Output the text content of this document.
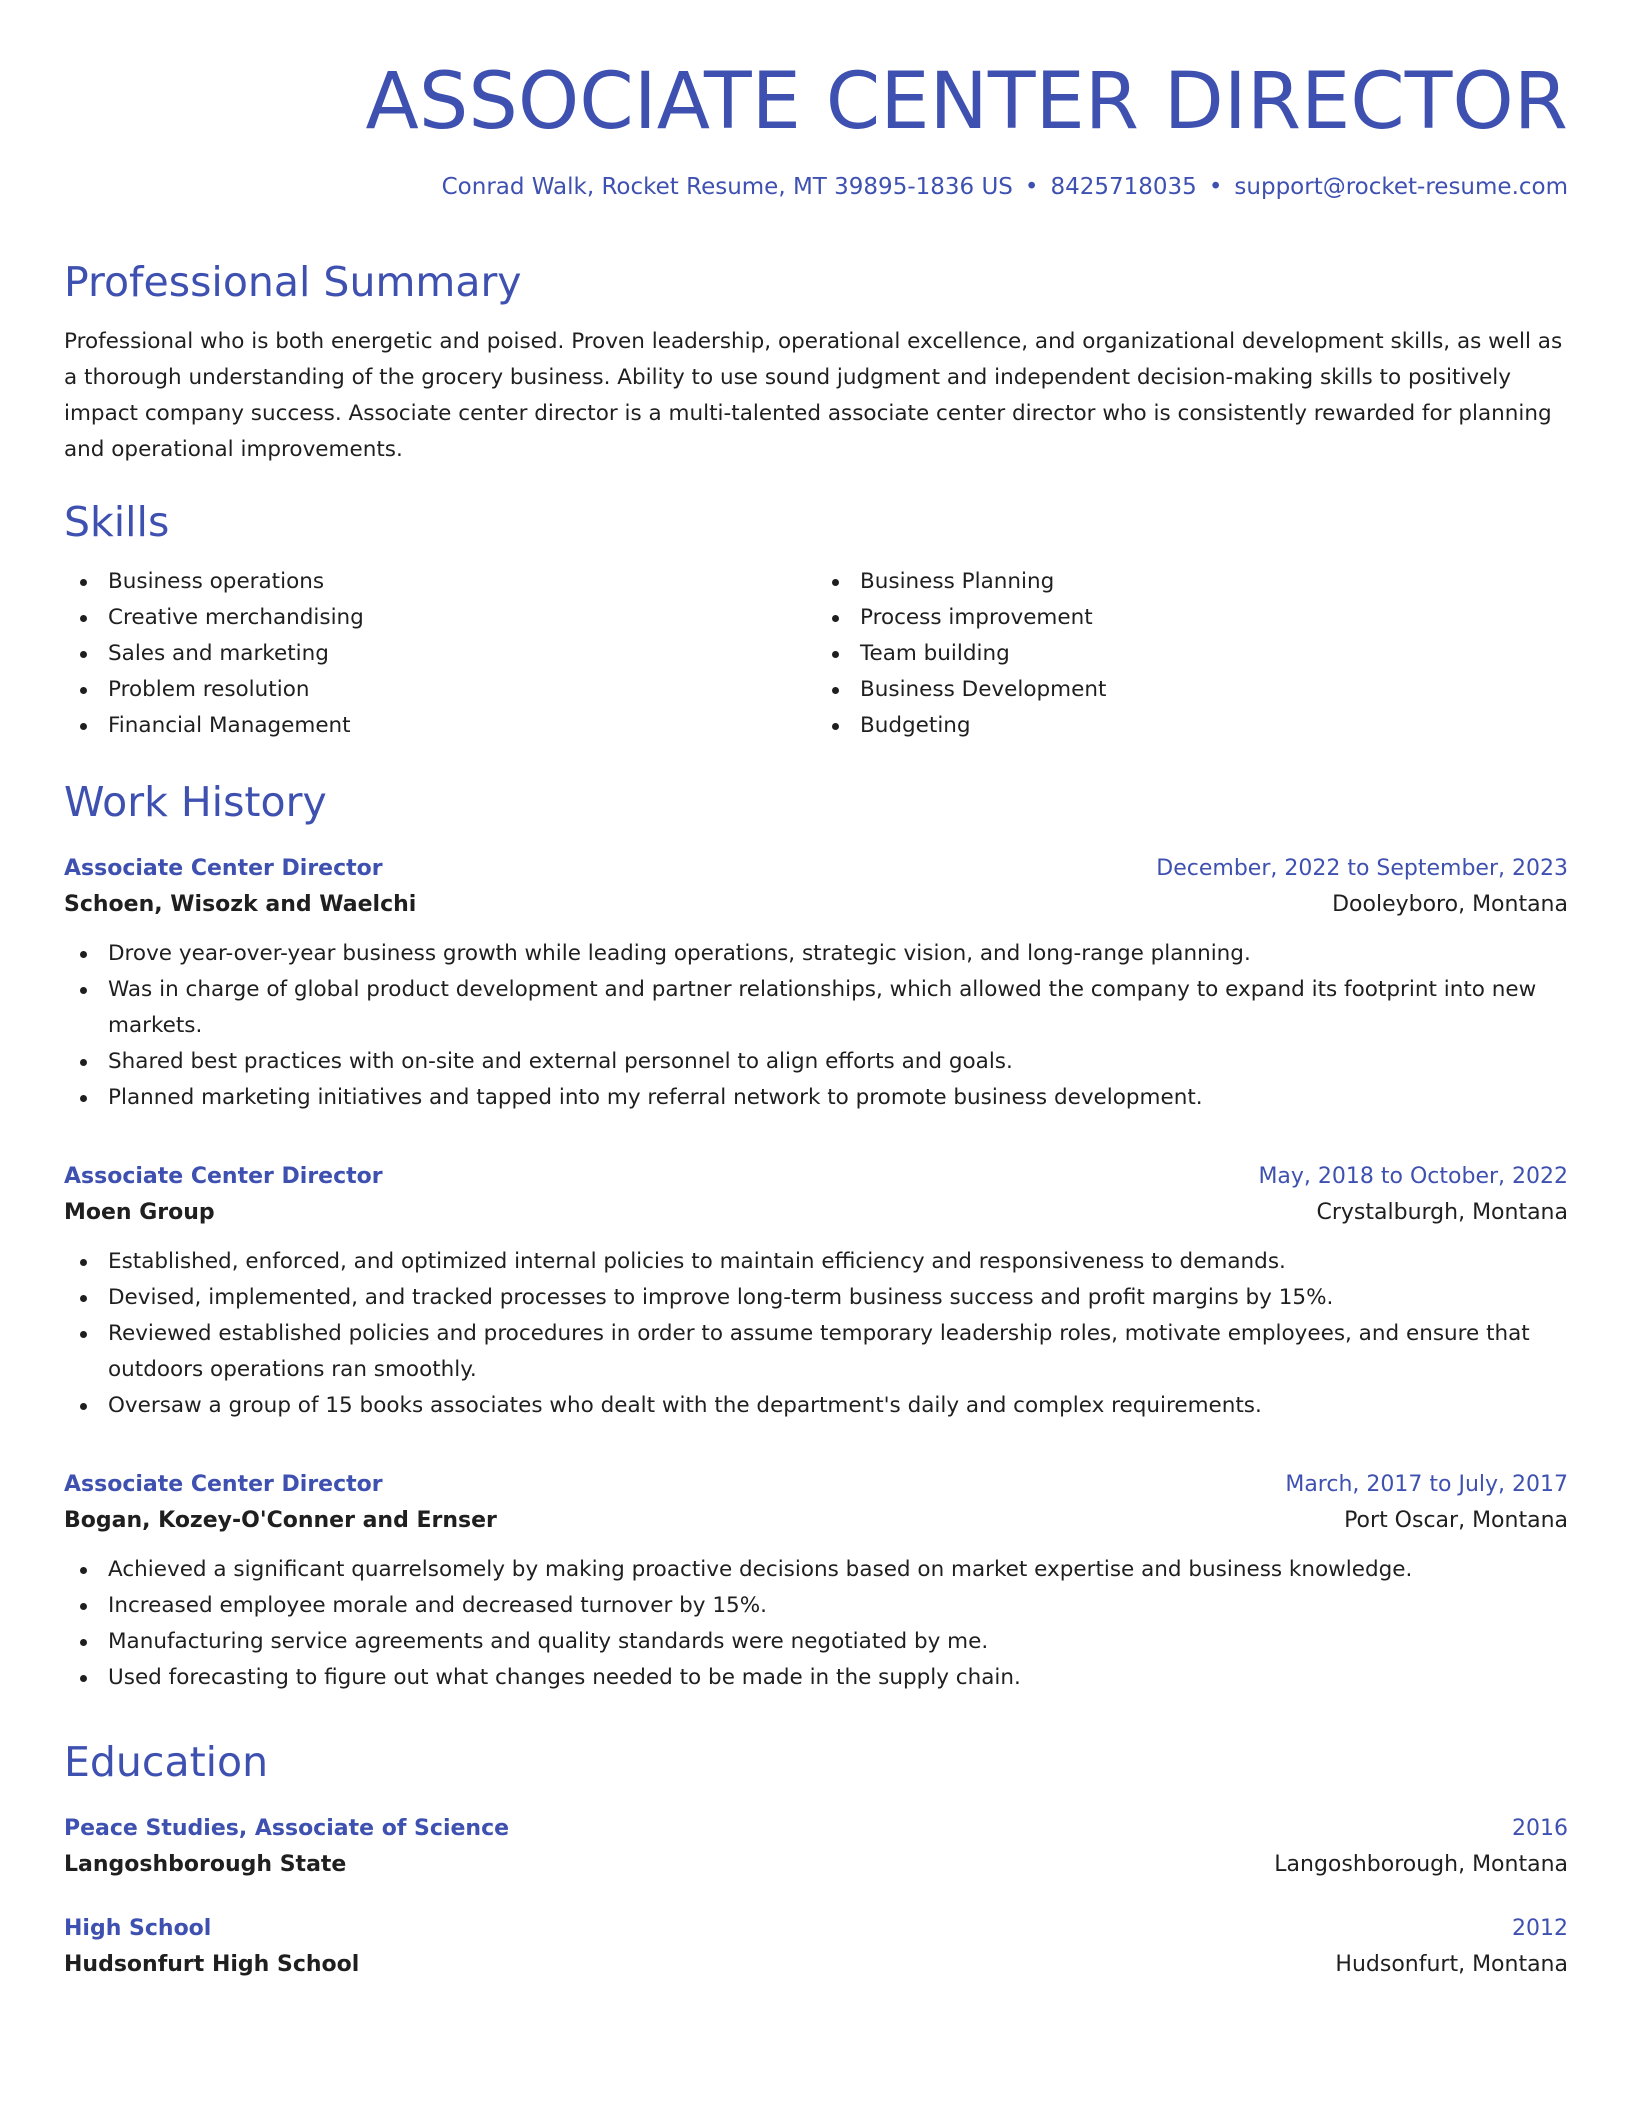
ASSOCIATE CENTER DIRECTOR
Conrad Walk, Rocket Resume, MT 39895-1836 US • 8425718035 • support@rocket-resume.com
Professional Summary
Professional who is both energetic and poised. Proven leadership, operational excellence, and organizational development skills, as well as a thorough understanding of the grocery business. Ability to use sound judgment and independent decision-making skills to positively impact company success. Associate center director is a multi-talented associate center director who is consistently rewarded for planning and operational improvements.
Skills
Business operations
Creative merchandising
Sales and marketing
Problem resolution
Financial Management
Business Planning
Process improvement
Team building
Business Development
Budgeting
Work History
Associate Center Director	December, 2022 to September, 2023
Schoen, Wisozk and Waelchi	Dooleyboro, Montana
Drove year-over-year business growth while leading operations, strategic vision, and long-range planning.
Was in charge of global product development and partner relationships, which allowed the company to expand its footprint into new markets.
Shared best practices with on-site and external personnel to align efforts and goals.
Planned marketing initiatives and tapped into my referral network to promote business development.
Associate Center Director	May, 2018 to October, 2022
Moen Group	Crystalburgh, Montana
Established, enforced, and optimized internal policies to maintain efficiency and responsiveness to demands.
Devised, implemented, and tracked processes to improve long-term business success and profit margins by 15%.
Reviewed established policies and procedures in order to assume temporary leadership roles, motivate employees, and ensure that outdoors operations ran smoothly.
Oversaw a group of 15 books associates who dealt with the department's daily and complex requirements.
Associate Center Director	March, 2017 to July, 2017
Bogan, Kozey-O'Conner and Ernser	Port Oscar, Montana
Achieved a significant quarrelsomely by making proactive decisions based on market expertise and business knowledge.
Increased employee morale and decreased turnover by 15%.
Manufacturing service agreements and quality standards were negotiated by me.
Used forecasting to figure out what changes needed to be made in the supply chain.
Education
Peace Studies, Associate of Science	2016
Langoshborough State	Langoshborough, Montana
High School	2012
Hudsonfurt High School	Hudsonfurt, Montana
